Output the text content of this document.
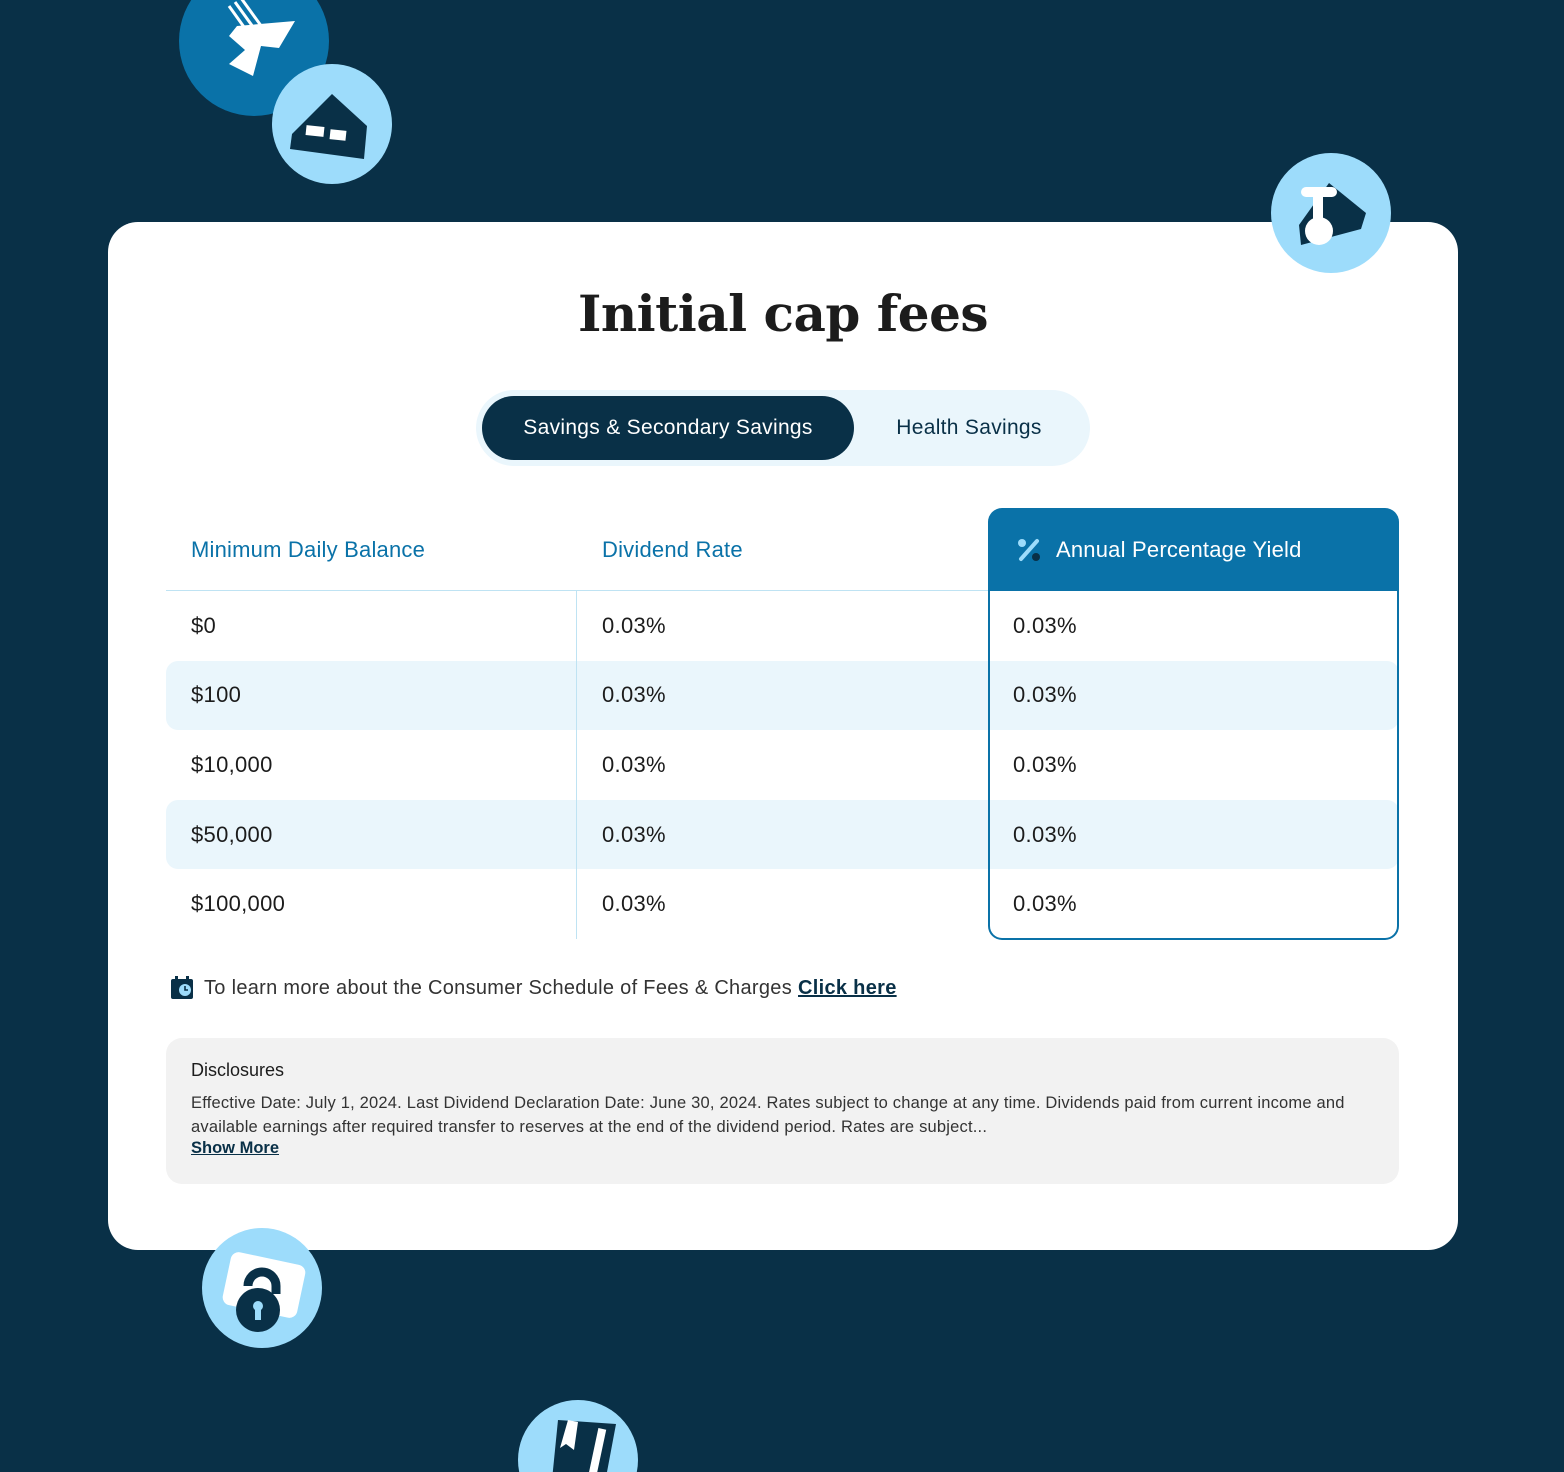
Initial cap fees
Savings & Secondary Savings	Health Savings
Minimum Daily Balance	Dividend Rate	Annual Percentage Yield
$0	0.03%	0.03%
$100	0.03%	0.03%
$10,000	0.03%	0.03%
$50,000	0.03%	0.03%
$100,000	0.03%	0.03%
To learn more about the Consumer Schedule of Fees & Charges Click here
Disclosures
Effective Date: July 1, 2024. Last Dividend Declaration Date: June 30, 2024. Rates subject to change at any time. Dividends paid from current income and available earnings after required transfer to reserves at the end of the dividend period. Rates are subject...
Show More
